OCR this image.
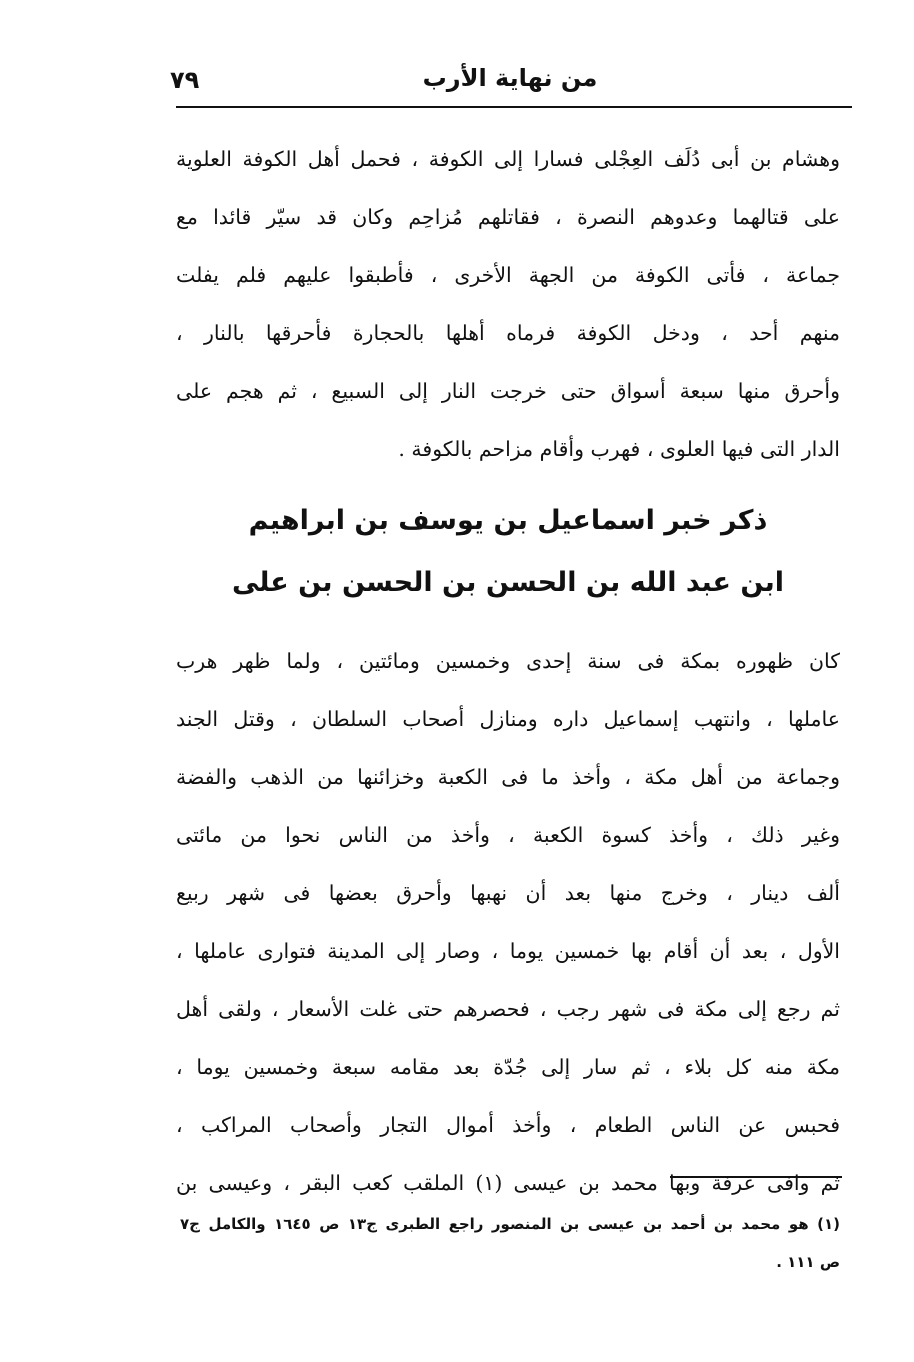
٧٩	من نهاية الأرب
وهشام بن أبى دُلَف العِجْلى فسارا إلى الكوفة ، فحمل أهل الكوفة العلوية
على قتالهما وعدوهم النصرة ، فقاتلهم مُزاحِم وكان قد سيّر قائدا مع
جماعة ، فأتى الكوفة من الجهة الأخرى ، فأطبقوا عليهم فلم يفلت
منهم أحد ، ودخل الكوفة فرماه أهلها بالحجارة فأحرقها بالنار ،
وأحرق منها سبعة أسواق حتى خرجت النار إلى السبيع ، ثم هجم على
الدار التى فيها العلوى ، فهرب وأقام مزاحم بالكوفة .
ذكر خبر اسماعيل بن يوسف بن ابراهيم
ابن عبد الله بن الحسن بن الحسن بن على
كان ظهوره بمكة فى سنة إحدى وخمسين ومائتين ، ولما ظهر هرب
عاملها ، وانتهب إسماعيل داره ومنازل أصحاب السلطان ، وقتل الجند
وجماعة من أهل مكة ، وأخذ ما فى الكعبة وخزائنها من الذهب والفضة
وغير ذلك ، وأخذ كسوة الكعبة ، وأخذ من الناس نحوا من مائتى
ألف دينار ، وخرج منها بعد أن نهبها وأحرق بعضها فى شهر ربيع
الأول ، بعد أن أقام بها خمسين يوما ، وصار إلى المدينة فتوارى عاملها ،
ثم رجع إلى مكة فى شهر رجب ، فحصرهم حتى غلت الأسعار ، ولقى أهل
مكة منه كل بلاء ، ثم سار إلى جُدّة بعد مقامه سبعة وخمسين يوما ،
فحبس عن الناس الطعام ، وأخذ أموال التجار وأصحاب المراكب ،
ثم وافى عرفة وبها محمد بن عيسى (١) الملقب كعب البقر ، وعيسى بن
(١) هو محمد بن أحمد بن عيسى بن المنصور راجع الطبرى ج١٣ ص ١٦٤٥ والكامل ج٧
ص ١١١ .
